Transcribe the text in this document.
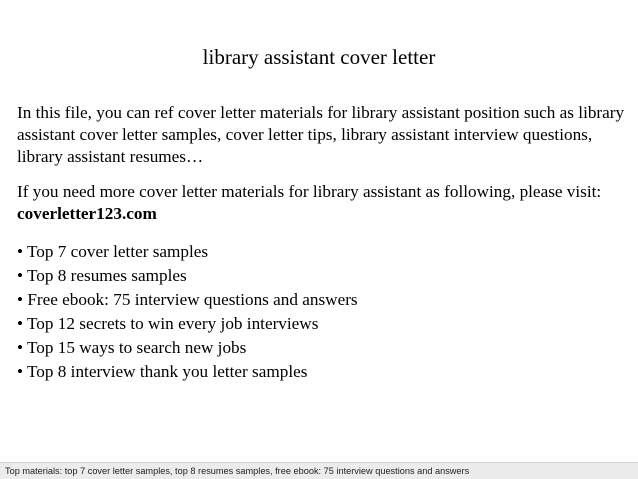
library assistant cover letter
In this file, you can ref cover letter materials for library assistant position such as library assistant cover letter samples, cover letter tips, library assistant interview questions, library assistant resumes…
If you need more cover letter materials for library assistant as following, please visit:
coverletter123.com
• Top 7 cover letter samples
• Top 8 resumes samples
• Free ebook: 75 interview questions and answers
• Top 12 secrets to win every job interviews
• Top 15 ways to search new jobs
• Top 8 interview thank you letter samples
Top materials: top 7 cover letter samples, top 8 resumes samples, free ebook: 75 interview questions and answers
